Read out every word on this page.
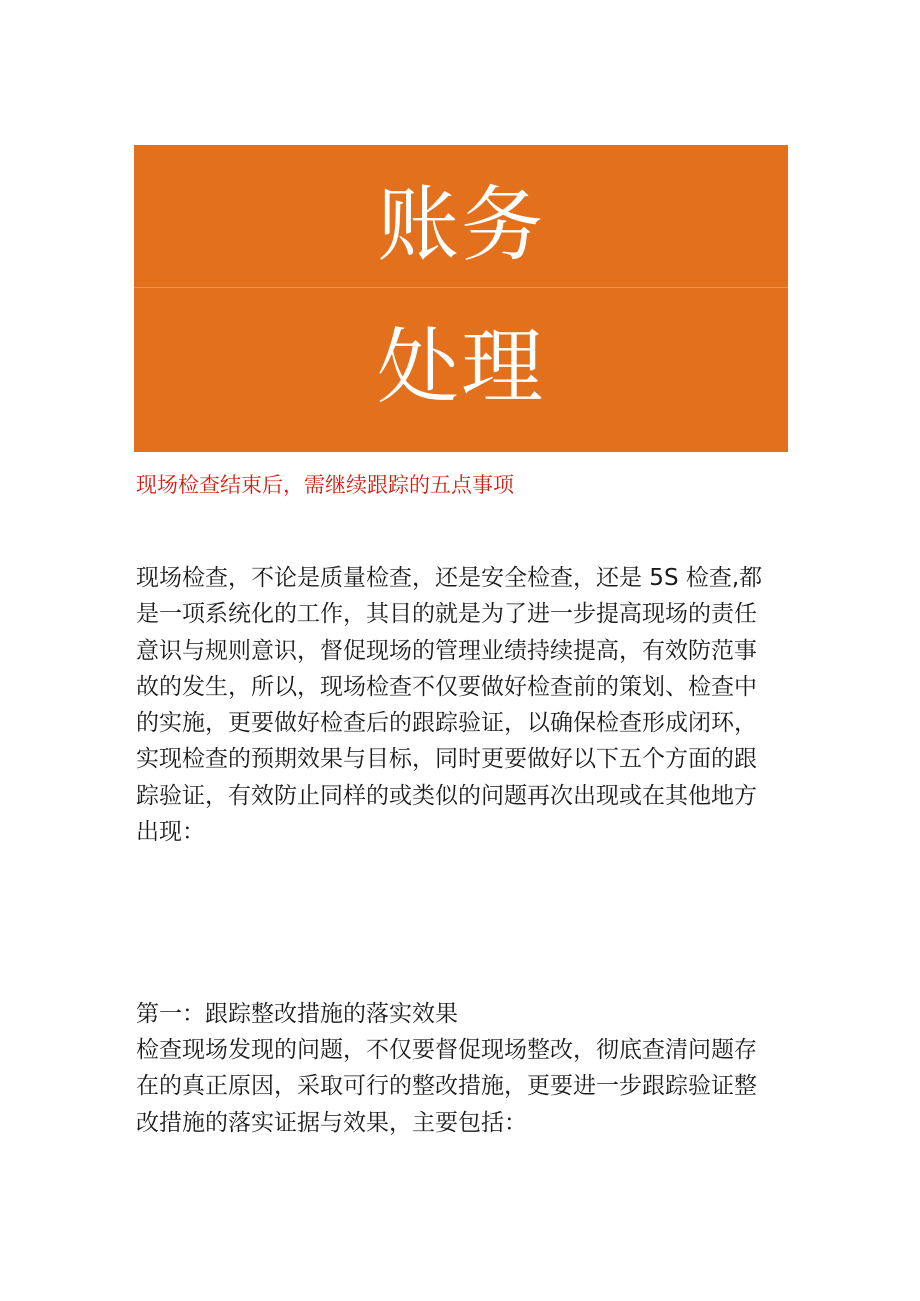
账务
处理
现场检查结束后，需继续跟踪的五点事项
现场检查，不论是质量检查，还是安全检查，还是 5S 检查,都
是一项系统化的工作，其目的就是为了进一步提高现场的责任
意识与规则意识，督促现场的管理业绩持续提高，有效防范事
故的发生，所以，现场检查不仅要做好检查前的策划、检查中
的实施，更要做好检查后的跟踪验证，以确保检查形成闭环，
实现检查的预期效果与目标，同时更要做好以下五个方面的跟
踪验证，有效防止同样的或类似的问题再次出现或在其他地方
出现：
第一：跟踪整改措施的落实效果
检查现场发现的问题，不仅要督促现场整改，彻底查清问题存
在的真正原因，采取可行的整改措施，更要进一步跟踪验证整
改措施的落实证据与效果，主要包括：
